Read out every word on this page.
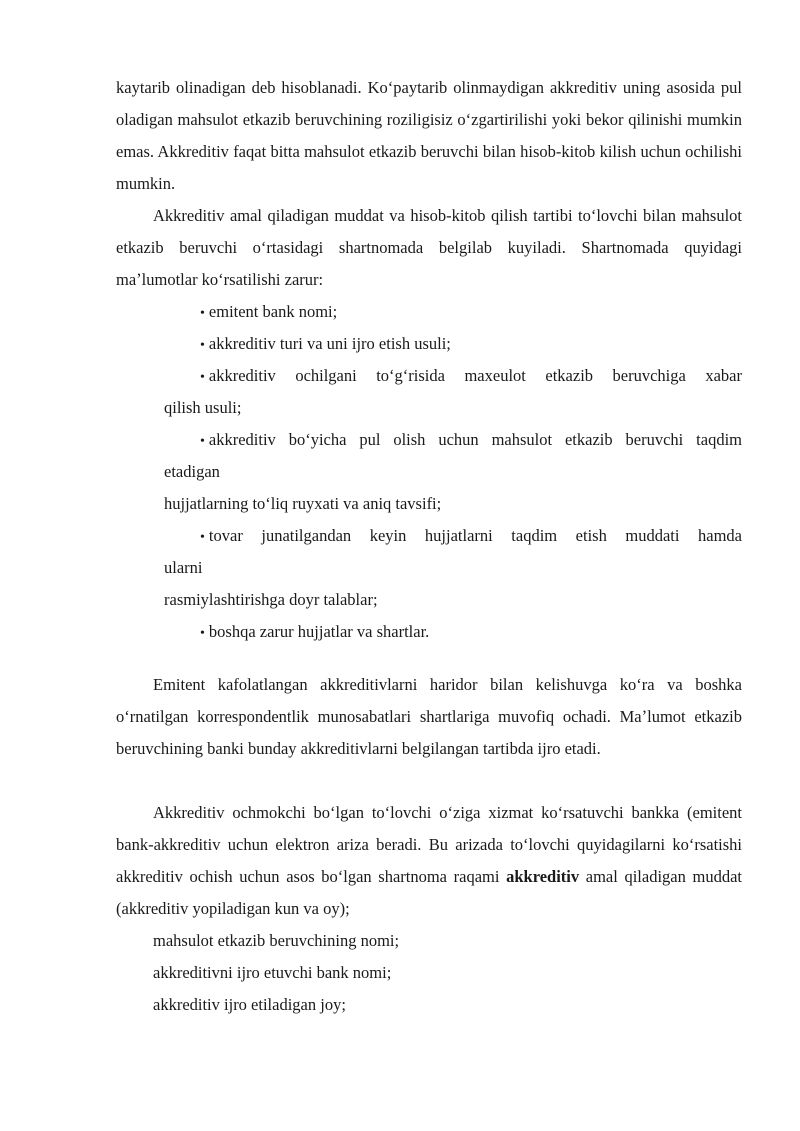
kaytarib olinadigan deb hisoblanadi. Koʻpaytarib olinmaydigan akkreditiv uning asosida pul oladigan mahsulot etkazib beruvchining roziligisiz oʻzgartirilishi yoki bekor qilinishi mumkin emas. Akkreditiv faqat bitta mahsulot etkazib beruvchi bilan hisob-kitob kilish uchun ochilishi mumkin.

Akkreditiv amal qiladigan muddat va hisob-kitob qilish tartibi toʻlovchi bilan mahsulot etkazib beruvchi oʻrtasidagi shartnomada belgilab kuyiladi. Shartnomada quyidagi maʼlumotlar koʻrsatilishi zarur:

• emitent bank nomi;

• akkreditiv turi va uni ijro etish usuli;

• akkreditiv ochilgani toʻgʻrisida maxeulot etkazib beruvchiga xabar

qilish usuli;

• akkreditiv boʻyicha pul olish uchun mahsulot etkazib beruvchi taqdim

etadigan

hujjatlarning toʻliq ruyxati va aniq tavsifi;

• tovar junatilgandan keyin hujjatlarni taqdim etish muddati hamda

ularni

rasmiylashtirishga doyr talablar;

• boshqa zarur hujjatlar va shartlar.

Emitent kafolatlangan akkreditivlarni haridor bilan kelishuvga koʻra va boshka oʻrnatilgan korrespondentlik munosabatlari shartlariga muvofiq ochadi. Maʼlumot etkazib beruvchining banki bunday akkreditivlarni belgilangan tartibda ijro etadi.

Akkreditiv ochmokchi boʻlgan toʻlovchi oʻziga xizmat koʻrsatuvchi bankka (emitent bank-akkreditiv uchun elektron ariza beradi. Bu arizada toʻlovchi quyidagilarni koʻrsatishi akkreditiv ochish uchun asos boʻlgan shartnoma raqami akkreditiv amal qiladigan muddat (akkreditiv yopiladigan kun va oy);

mahsulot etkazib beruvchining nomi;

akkreditivni ijro etuvchi bank nomi;

akkreditiv ijro etiladigan joy;
